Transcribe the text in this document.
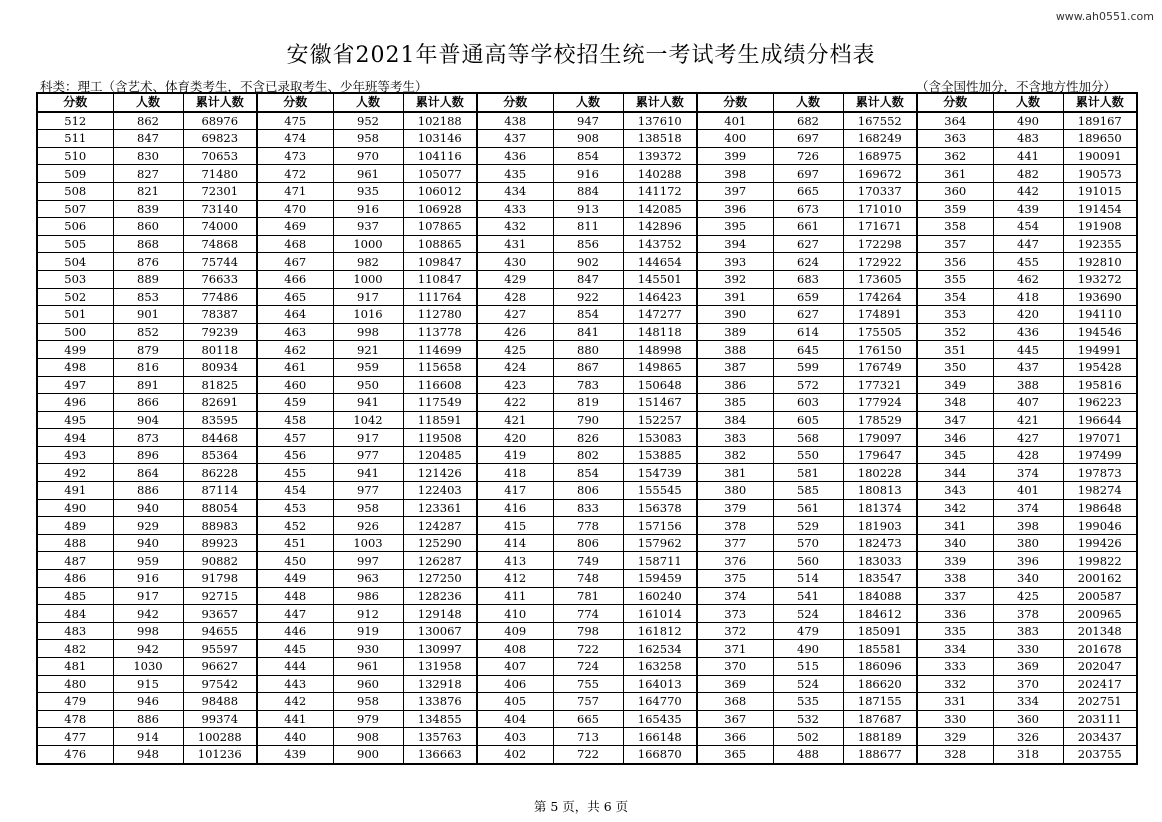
www.ah0551.com
安徽省2021年普通高等学校招生统一考试考生成绩分档表
科类：理工（含艺术、体育类考生，不含已录取考生、少年班等考生）	（含全国性加分，不含地方性加分）
分数	人数	累计人数	分数	人数	累计人数	分数	人数	累计人数	分数	人数	累计人数	分数	人数	累计人数
512	862	68976	475	952	102188	438	947	137610	401	682	167552	364	490	189167
511	847	69823	474	958	103146	437	908	138518	400	697	168249	363	483	189650
510	830	70653	473	970	104116	436	854	139372	399	726	168975	362	441	190091
509	827	71480	472	961	105077	435	916	140288	398	697	169672	361	482	190573
508	821	72301	471	935	106012	434	884	141172	397	665	170337	360	442	191015
507	839	73140	470	916	106928	433	913	142085	396	673	171010	359	439	191454
506	860	74000	469	937	107865	432	811	142896	395	661	171671	358	454	191908
505	868	74868	468	1000	108865	431	856	143752	394	627	172298	357	447	192355
504	876	75744	467	982	109847	430	902	144654	393	624	172922	356	455	192810
503	889	76633	466	1000	110847	429	847	145501	392	683	173605	355	462	193272
502	853	77486	465	917	111764	428	922	146423	391	659	174264	354	418	193690
501	901	78387	464	1016	112780	427	854	147277	390	627	174891	353	420	194110
500	852	79239	463	998	113778	426	841	148118	389	614	175505	352	436	194546
499	879	80118	462	921	114699	425	880	148998	388	645	176150	351	445	194991
498	816	80934	461	959	115658	424	867	149865	387	599	176749	350	437	195428
497	891	81825	460	950	116608	423	783	150648	386	572	177321	349	388	195816
496	866	82691	459	941	117549	422	819	151467	385	603	177924	348	407	196223
495	904	83595	458	1042	118591	421	790	152257	384	605	178529	347	421	196644
494	873	84468	457	917	119508	420	826	153083	383	568	179097	346	427	197071
493	896	85364	456	977	120485	419	802	153885	382	550	179647	345	428	197499
492	864	86228	455	941	121426	418	854	154739	381	581	180228	344	374	197873
491	886	87114	454	977	122403	417	806	155545	380	585	180813	343	401	198274
490	940	88054	453	958	123361	416	833	156378	379	561	181374	342	374	198648
489	929	88983	452	926	124287	415	778	157156	378	529	181903	341	398	199046
488	940	89923	451	1003	125290	414	806	157962	377	570	182473	340	380	199426
487	959	90882	450	997	126287	413	749	158711	376	560	183033	339	396	199822
486	916	91798	449	963	127250	412	748	159459	375	514	183547	338	340	200162
485	917	92715	448	986	128236	411	781	160240	374	541	184088	337	425	200587
484	942	93657	447	912	129148	410	774	161014	373	524	184612	336	378	200965
483	998	94655	446	919	130067	409	798	161812	372	479	185091	335	383	201348
482	942	95597	445	930	130997	408	722	162534	371	490	185581	334	330	201678
481	1030	96627	444	961	131958	407	724	163258	370	515	186096	333	369	202047
480	915	97542	443	960	132918	406	755	164013	369	524	186620	332	370	202417
479	946	98488	442	958	133876	405	757	164770	368	535	187155	331	334	202751
478	886	99374	441	979	134855	404	665	165435	367	532	187687	330	360	203111
477	914	100288	440	908	135763	403	713	166148	366	502	188189	329	326	203437
476	948	101236	439	900	136663	402	722	166870	365	488	188677	328	318	203755
第 5 页，共 6 页
